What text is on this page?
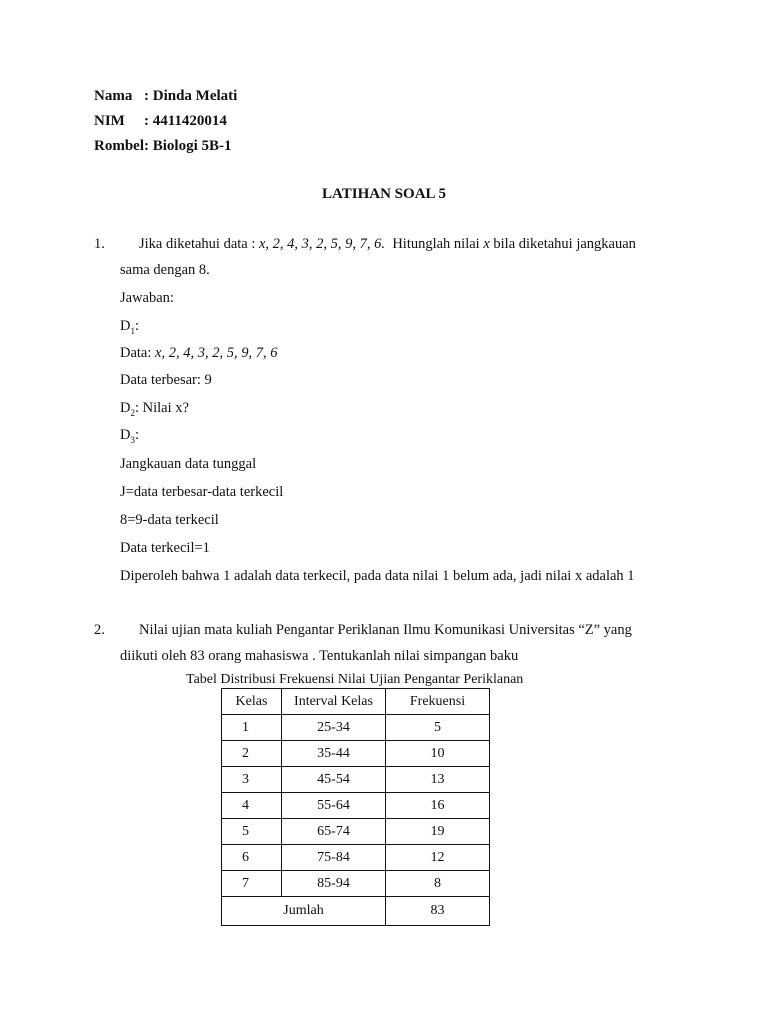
Nama : Dinda Melati
NIM : 4411420014
Rombel: Biologi 5B-1
LATIHAN SOAL 5
1. Jika diketahui data : x, 2, 4, 3, 2, 5, 9, 7, 6.  Hitunglah nilai x bila diketahui jangkauan
sama dengan 8.
Jawaban:
$D_1$:
Data: x, 2, 4, 3, 2, 5, 9, 7, 6
Data terbesar: 9
$D_2$: Nilai x?
$D_3$:
Jangkauan data tunggal
J=data terbesar-data terkecil
8=9-data terkecil
Data terkecil=1
Diperoleh bahwa 1 adalah data terkecil, pada data nilai 1 belum ada, jadi nilai x adalah 1
2. Nilai ujian mata kuliah Pengantar Periklanan Ilmu Komunikasi Universitas “Z” yang
diikuti oleh 83 orang mahasiswa . Tentukanlah nilai simpangan baku
Tabel Distribusi Frekuensi Nilai Ujian Pengantar Periklanan
Kelas	Interval Kelas	Frekuensi
1	25-34	5
2	35-44	10
3	45-54	13
4	55-64	16
5	65-74	19
6	75-84	12
7	85-94	8
Jumlah		83
